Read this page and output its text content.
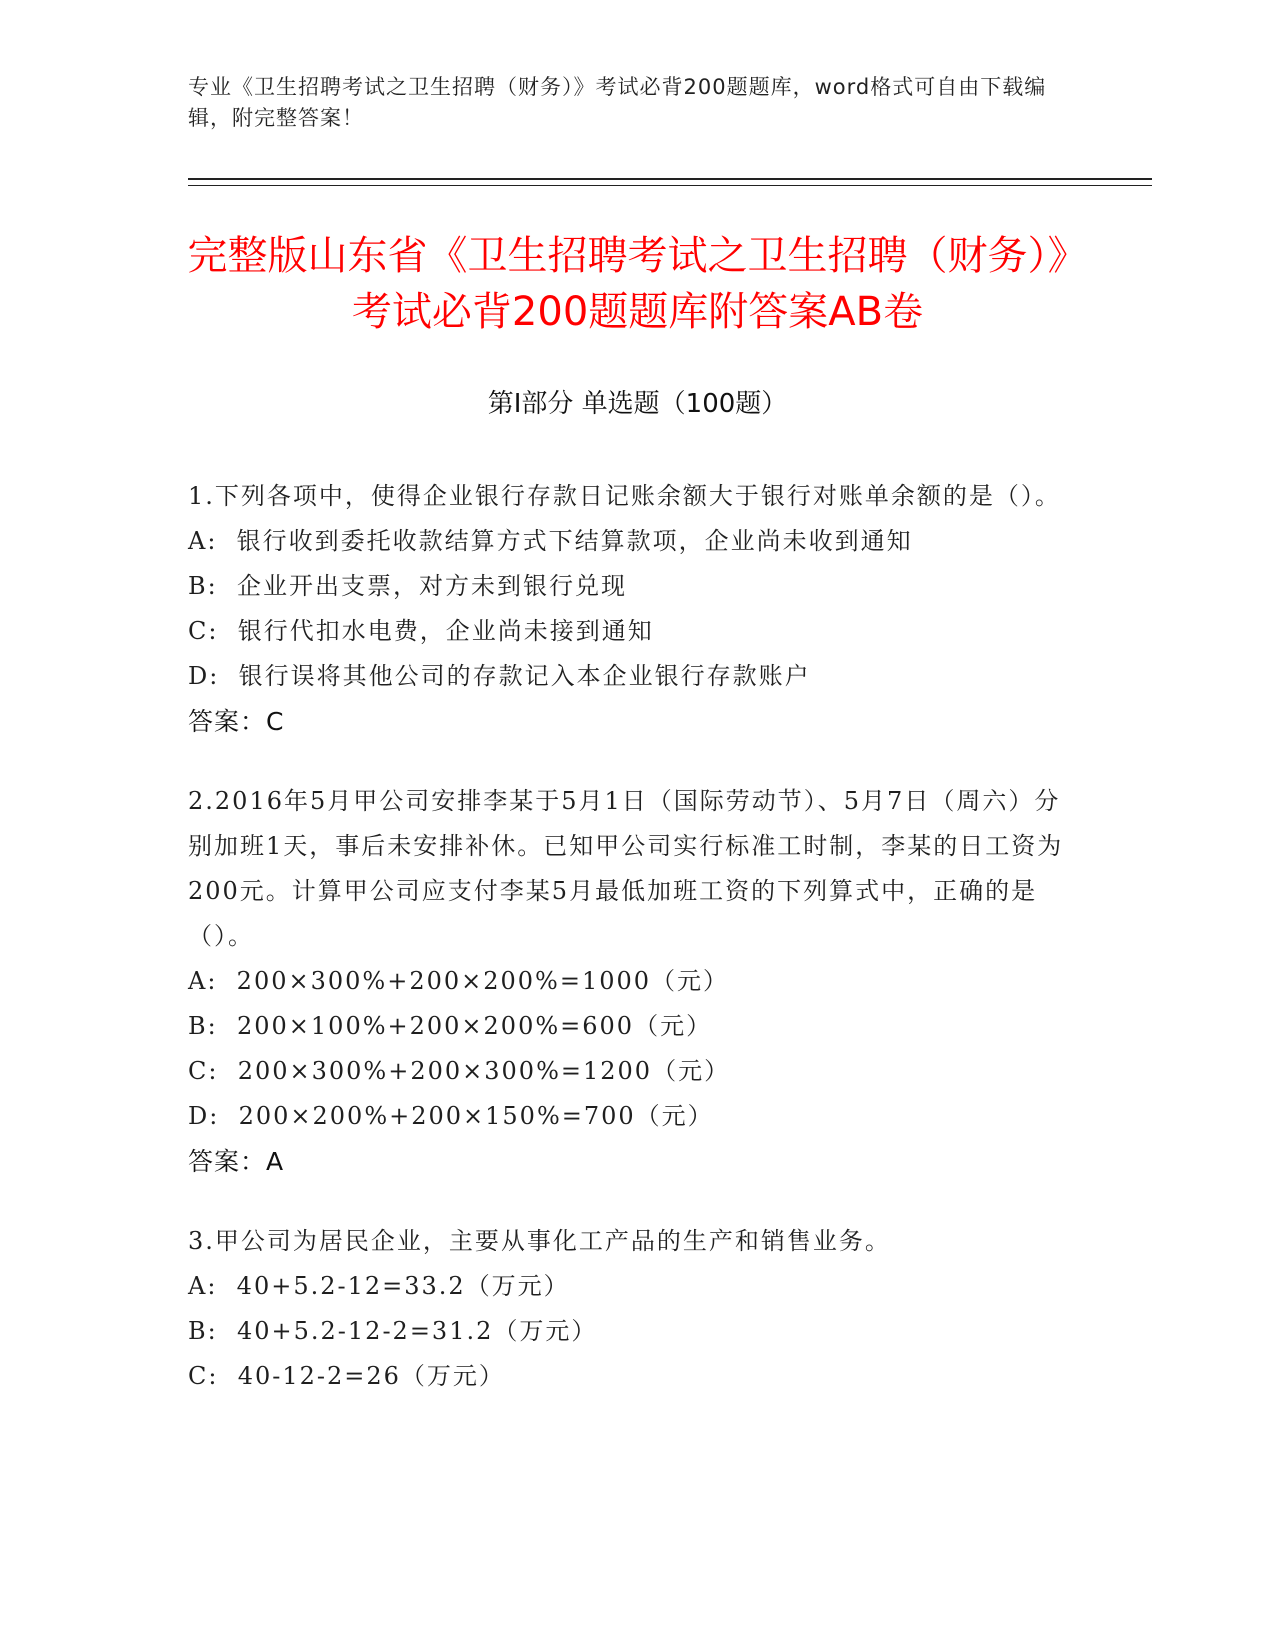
专业《卫生招聘考试之卫生招聘（财务）》考试必背200题题库，word格式可自由下载编辑，附完整答案！
完整版山东省《卫生招聘考试之卫生招聘（财务）》考试必背200题题库附答案AB卷
第Ⅰ部分 单选题（100题）
1.下列各项中，使得企业银行存款日记账余额大于银行对账单余额的是（）。
A:  银行收到委托收款结算方式下结算款项，企业尚未收到通知
B:  企业开出支票，对方未到银行兑现
C:  银行代扣水电费，企业尚未接到通知
D:  银行误将其他公司的存款记入本企业银行存款账户
答案：C
2.2016年5月甲公司安排李某于5月1日（国际劳动节）、5月7日（周六）分别加班1天，事后未安排补休。已知甲公司实行标准工时制，李某的日工资为200元。计算甲公司应支付李某5月最低加班工资的下列算式中，正确的是（）。
A:  200×300%+200×200%=1000（元）
B:  200×100%+200×200%=600（元）
C:  200×300%+200×300%=1200（元）
D:  200×200%+200×150%=700（元）
答案：A
3.甲公司为居民企业，主要从事化工产品的生产和销售业务。
A:  40+5.2-12=33.2（万元）
B:  40+5.2-12-2=31.2（万元）
C:  40-12-2=26（万元）
